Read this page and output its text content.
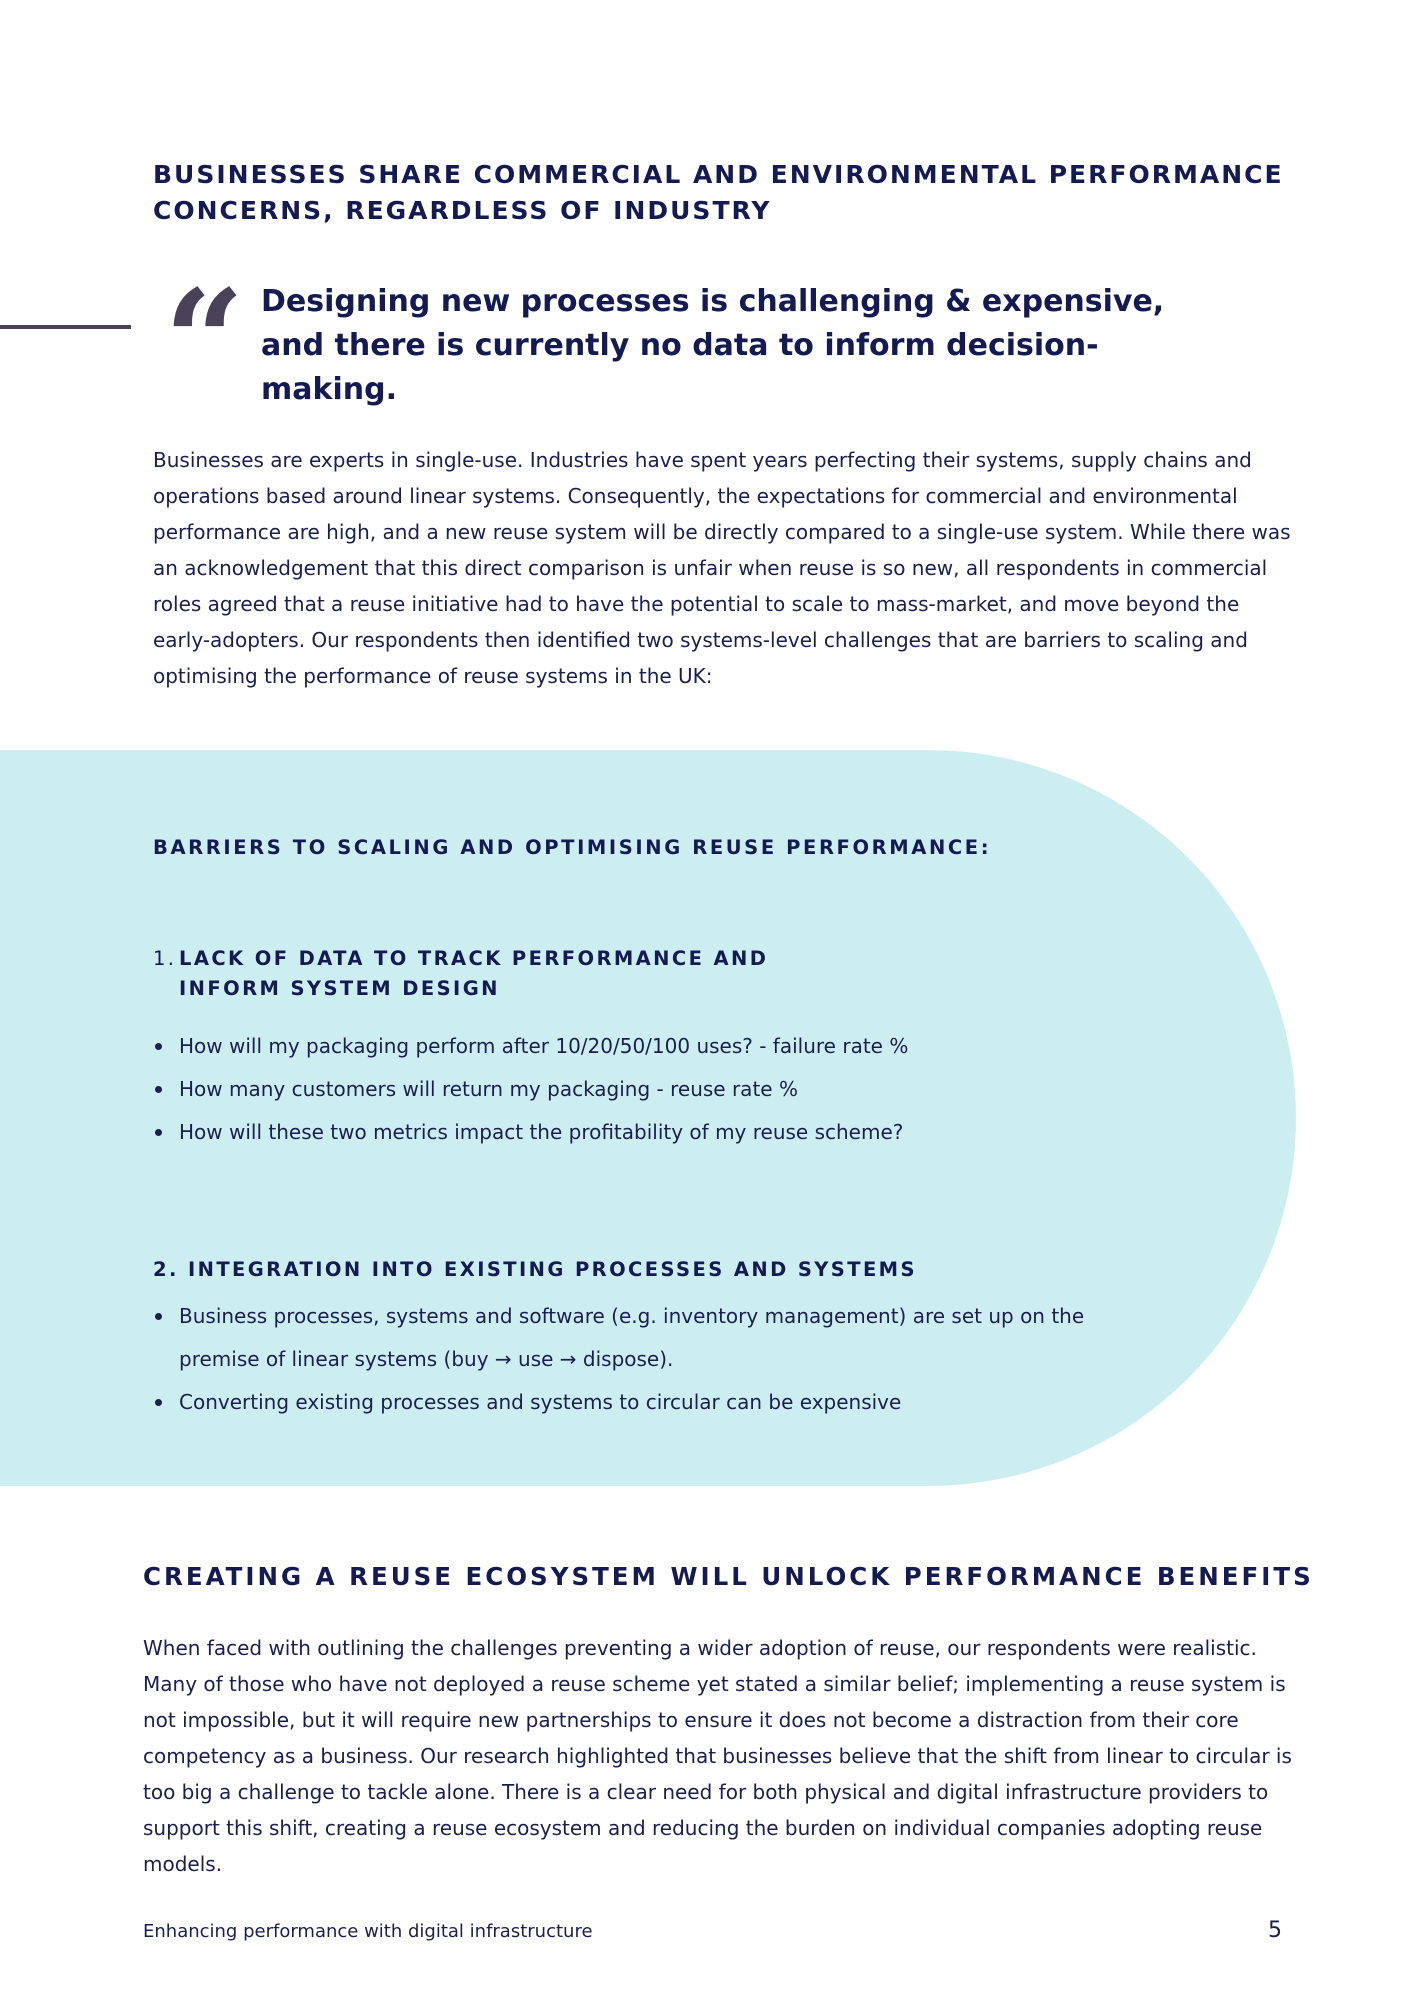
BUSINESSES SHARE COMMERCIAL AND ENVIRONMENTAL PERFORMANCE CONCERNS, REGARDLESS OF INDUSTRY
“ Designing new processes is challenging & expensive, and there is currently no data to inform decision-making.

Businesses are experts in single-use. Industries have spent years perfecting their systems, supply chains and operations based around linear systems. Consequently, the expectations for commercial and environmental performance are high, and a new reuse system will be directly compared to a single-use system. While there was an acknowledgement that this direct comparison is unfair when reuse is so new, all respondents in commercial roles agreed that a reuse initiative had to have the potential to scale to mass-market, and move beyond the early-adopters. Our respondents then identified two systems-level challenges that are barriers to scaling and optimising the performance of reuse systems in the UK:

BARRIERS TO SCALING AND OPTIMISING REUSE PERFORMANCE:
1. LACK OF DATA TO TRACK PERFORMANCE AND INFORM SYSTEM DESIGN
How will my packaging perform after 10/20/50/100 uses? - failure rate %
How many customers will return my packaging - reuse rate %
How will these two metrics impact the profitability of my reuse scheme?
2. INTEGRATION INTO EXISTING PROCESSES AND SYSTEMS
Business processes, systems and software (e.g. inventory management) are set up on the premise of linear systems (buy → use → dispose).
Converting existing processes and systems to circular can be expensive
CREATING A REUSE ECOSYSTEM WILL UNLOCK PERFORMANCE BENEFITS

When faced with outlining the challenges preventing a wider adoption of reuse, our respondents were realistic. Many of those who have not deployed a reuse scheme yet stated a similar belief; implementing a reuse system is not impossible, but it will require new partnerships to ensure it does not become a distraction from their core competency as a business. Our research highlighted that businesses believe that the shift from linear to circular is too big a challenge to tackle alone. There is a clear need for both physical and digital infrastructure providers to support this shift, creating a reuse ecosystem and reducing the burden on individual companies adopting reuse models.

Enhancing performance with digital infrastructure	5
